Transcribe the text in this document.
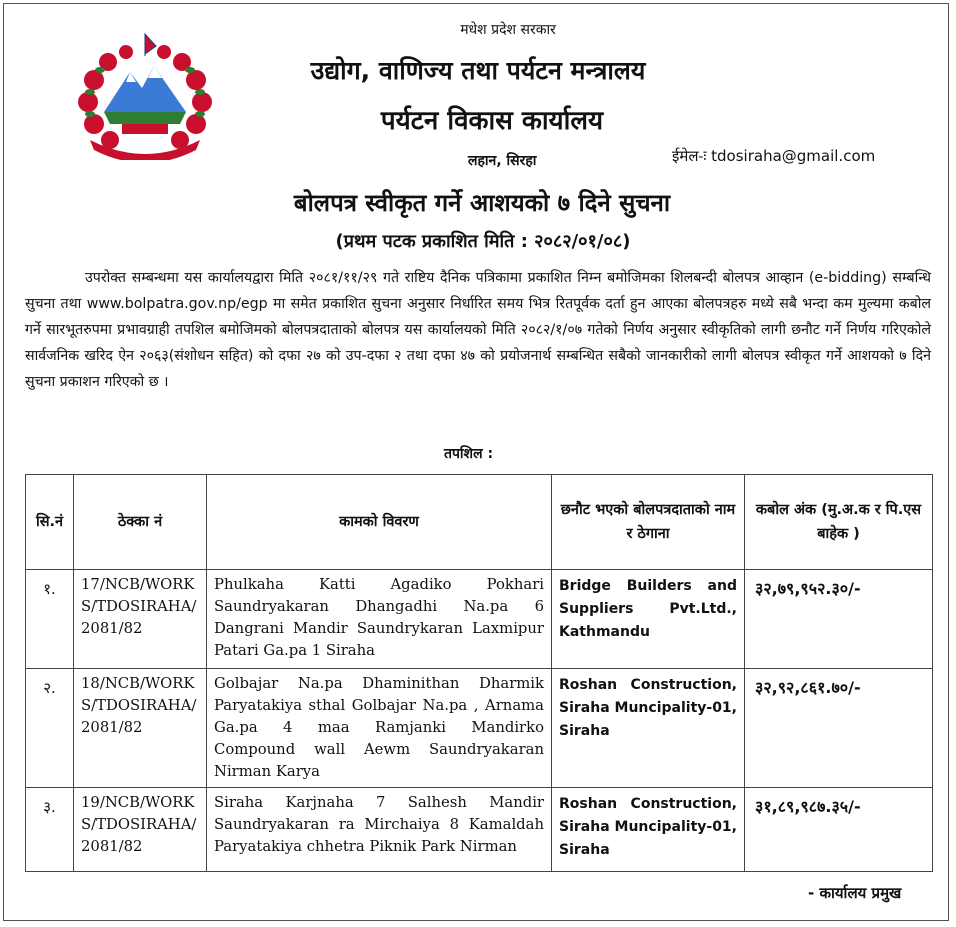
मधेश प्रदेश सरकार
उद्योग, वाणिज्य तथा पर्यटन मन्त्रालय
पर्यटन विकास कार्यालय
लहान, सिरहा	ईमेल-ः tdosiraha@gmail.com
बोलपत्र स्वीकृत गर्ने आशयको ७ दिने सुचना
(प्रथम पटक प्रकाशित मिति : २०८२/०१/०८)
उपरोक्त सम्बन्धमा यस कार्यालयद्वारा मिति २०८१/११/२९ गते राष्टिय दैनिक पत्रिकामा प्रकाशित निम्न बमोजिमका शिलबन्दी बोलपत्र आव्हान (e-bidding) सम्बन्धि सुचना तथा www.bolpatra.gov.np/egp मा समेत प्रकाशित सुचना अनुसार निर्धारित समय भित्र रितपूर्वक दर्ता हुन आएका बोलपत्रहरु मध्ये सबै भन्दा कम मुल्यमा कबोल गर्ने सारभूतरुपमा प्रभावग्राही तपशिल बमोजिमको बोलपत्रदाताको बोलपत्र यस कार्यालयको मिति २०८२/१/०७ गतेको निर्णय अनुसार स्वीकृतिको लागी छनौट गर्ने निर्णय गरिएकोले सार्वजनिक खरिद ऐन २०६३(संशोधन सहित) को दफा २७ को उप-दफा २ तथा दफा ४७ को प्रयोजनार्थ सम्बन्धित सबैको जानकारीको लागी बोलपत्र स्वीकृत गर्ने आशयको ७ दिने सुचना प्रकाशन गरिएको छ ।
तपशिल :
सि.नं	ठेक्का नं	कामको विवरण	छनौट भएको बोलपत्रदाताको नाम र ठेगाना	कबोल अंक (मु.अ.क र पि.एस बाहेक )
१.	17/NCB/WORKS/TDOSIRAHA/2081/82	Phulkaha Katti Agadiko Pokhari Saundryakaran Dhangadhi Na.pa 6 Dangrani Mandir Saundrykaran Laxmipur Patari Ga.pa 1 Siraha	Bridge Builders and Suppliers Pvt.Ltd., Kathmandu	३२,७९,९५२.३०/-
२.	18/NCB/WORKS/TDOSIRAHA/2081/82	Golbajar Na.pa Dhaminithan Dharmik Paryatakiya sthal Golbajar Na.pa , Arnama Ga.pa 4 maa Ramjanki Mandirko Compound wall Aewm Saundryakaran Nirman Karya	Roshan Construction, Siraha Muncipality-01, Siraha	३२,९२,८६१.७०/-
३.	19/NCB/WORKS/TDOSIRAHA/2081/82	Siraha Karjnaha 7 Salhesh Mandir Saundryakaran ra Mirchaiya 8 Kamaldah Paryatakiya chhetra Piknik Park Nirman	Roshan Construction, Siraha Muncipality-01, Siraha	३१,८९,९८७.३५/-
- कार्यालय प्रमुख
